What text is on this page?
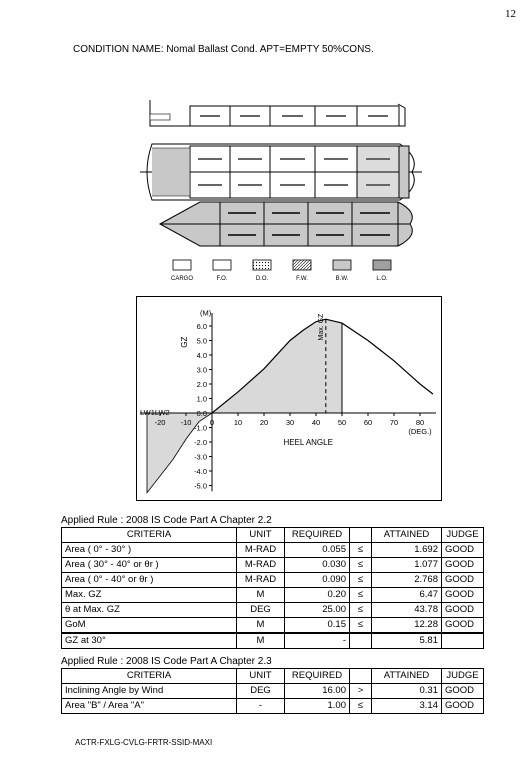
12
CONDITION NAME: Nomal Ballast Cond. APT=EMPTY 50%CONS.
CARGO	F.O.	D.O.	F.W.	B.W.	L.O.
-20 -10 0	10 20 30 40 50 60 70 80
-5.0
-4.0
-3.0
-2.0
-1.0
0.0
1.0
2.0
3.0
4.0
5.0
6.0	Max. GZ
LW1LW2
GZ
(M)
HEEL ANGLE
(DEG.)
Applied Rule : 2008 IS Code Part A Chapter 2.2
CRITERIA	UNIT	REQUIRED		ATTAINED	JUDGE
Area ( 0° - 30° )	M-RAD	0.055	≤	1.692	GOOD
Area ( 30° - 40° or θr )	M-RAD	0.030	≤	1.077	GOOD
Area ( 0° - 40° or θr )	M-RAD	0.090	≤	2.768	GOOD
Max. GZ	M	0.20	≤	6.47	GOOD
θ at Max. GZ	DEG	25.00	≤	43.78	GOOD
GoM	M	0.15	≤	12.28	GOOD
GZ at 30°	M	-		5.81	
Applied Rule : 2008 IS Code Part A Chapter 2.3
CRITERIA	UNIT	REQUIRED		ATTAINED	JUDGE
Inclining Angle by Wind	DEG	16.00	>	0.31	GOOD
Area "B" / Area "A"	-	1.00	≤	3.14	GOOD
ACTR-FXLG-CVLG-FRTR-SSID-MAXI
